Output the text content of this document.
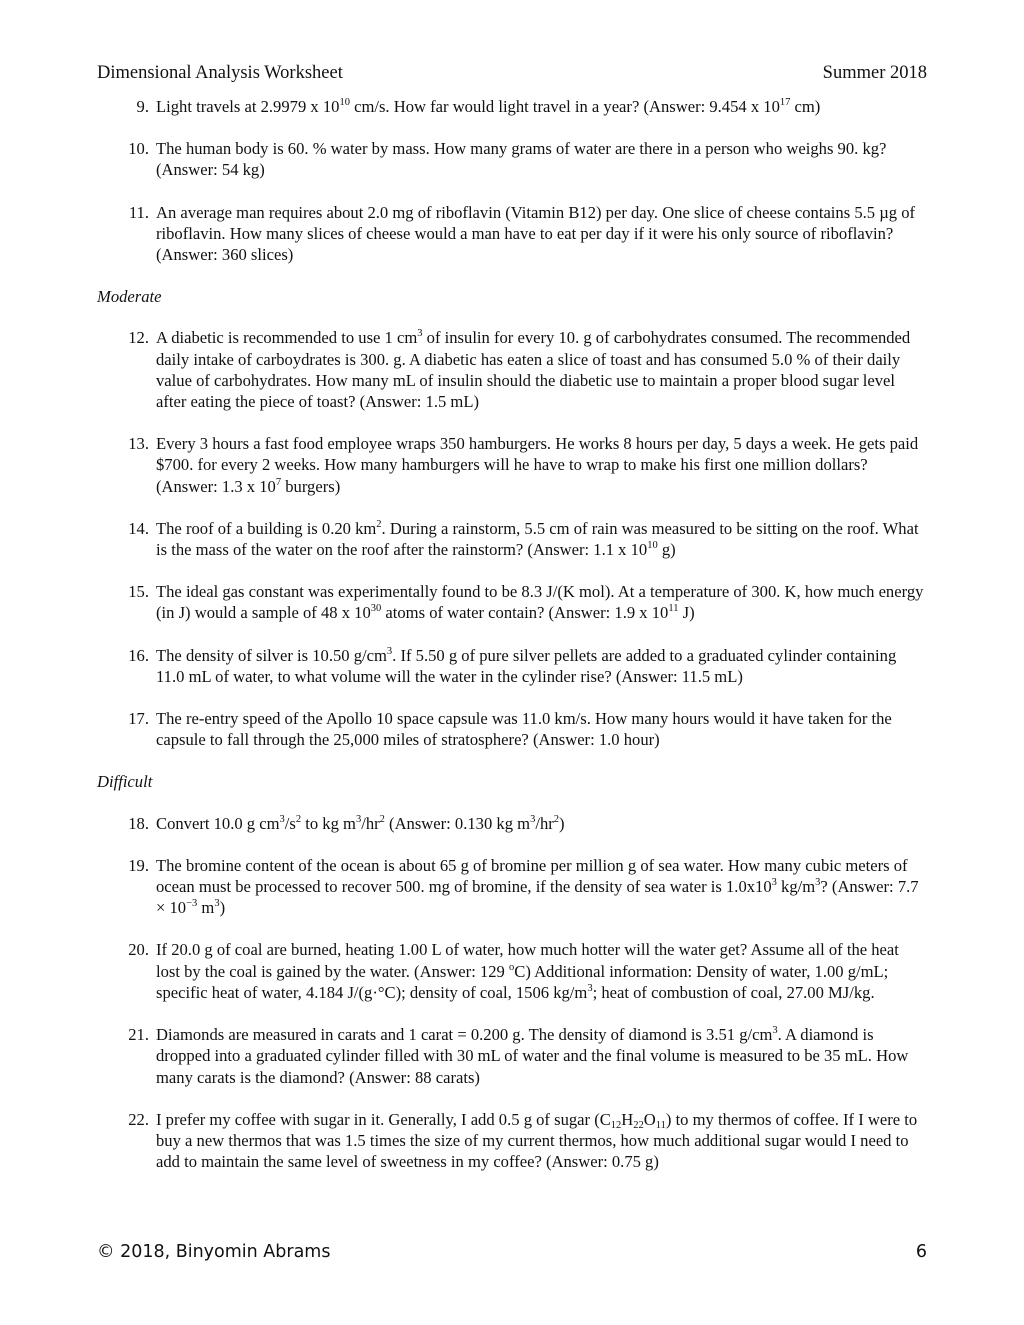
Dimensional Analysis Worksheet	Summer 2018
9. Light travels at 2.9979 x $10^{10}$ cm/s. How far would light travel in a year? (Answer: 9.454 x $10^{17}$ cm)
10. The human body is 60. % water by mass. How many grams of water are there in a person who weighs 90. kg? (Answer: 54 kg)
11. An average man requires about 2.0 mg of riboflavin (Vitamin B12) per day. One slice of cheese contains 5.5 µg of riboflavin. How many slices of cheese would a man have to eat per day if it were his only source of riboflavin? (Answer: 360 slices)
Moderate
12. A diabetic is recommended to use 1 $cm^3$ of insulin for every 10. g of carbohydrates consumed. The recommended daily intake of carboydrates is 300. g. A diabetic has eaten a slice of toast and has consumed 5.0 % of their daily value of carbohydrates. How many mL of insulin should the diabetic use to maintain a proper blood sugar level after eating the piece of toast? (Answer: 1.5 mL)
13. Every 3 hours a fast food employee wraps 350 hamburgers. He works 8 hours per day, 5 days a week. He gets paid $700. for every 2 weeks. How many hamburgers will he have to wrap to make his first one million dollars? (Answer: 1.3 x $10^7$ burgers)
14. The roof of a building is 0.20 $km^2$. During a rainstorm, 5.5 cm of rain was measured to be sitting on the roof. What is the mass of the water on the roof after the rainstorm? (Answer: 1.1 x $10^{10}$ g)
15. The ideal gas constant was experimentally found to be 8.3 J/(K mol). At a temperature of 300. K, how much energy (in J) would a sample of 48 x $10^{30}$ atoms of water contain? (Answer: 1.9 x $10^{11}$ J)
16. The density of silver is 10.50 $g/cm^3$. If 5.50 g of pure silver pellets are added to a graduated cylinder containing 11.0 mL of water, to what volume will the water in the cylinder rise? (Answer: 11.5 mL)
17. The re-entry speed of the Apollo 10 space capsule was 11.0 km/s. How many hours would it have taken for the capsule to fall through the 25,000 miles of stratosphere? (Answer: 1.0 hour)
Difficult
18. Convert 10.0 g $cm^3/s^2$ to kg $m^3/hr^2$ (Answer: 0.130 kg $m^3/hr^2$)
19. The bromine content of the ocean is about 65 g of bromine per million g of sea water. How many cubic meters of ocean must be processed to recover 500. mg of bromine, if the density of sea water is $1.0x10^3$ $kg/m^3$? (Answer: $7.7 \times 10^{-3}$ $m^3$)
20. If 20.0 g of coal are burned, heating 1.00 L of water, how much hotter will the water get? Assume all of the heat lost by the coal is gained by the water. (Answer: 129 $^o$C) Additional information: Density of water, 1.00 g/mL; specific heat of water, 4.184 J/(g·°C); density of coal, 1506 $kg/m^3$; heat of combustion of coal, 27.00 MJ/kg.
21. Diamonds are measured in carats and 1 carat = 0.200 g. The density of diamond is 3.51 $g/cm^3$. A diamond is dropped into a graduated cylinder filled with 30 mL of water and the final volume is measured to be 35 mL. How many carats is the diamond? (Answer: 88 carats)
22. I prefer my coffee with sugar in it. Generally, I add 0.5 g of sugar $(C_{12}H_{22}O_{11})$ to my thermos of coffee. If I were to buy a new thermos that was 1.5 times the size of my current thermos, how much additional sugar would I need to add to maintain the same level of sweetness in my coffee? (Answer: 0.75 g)
© 2018, Binyomin Abrams	6
